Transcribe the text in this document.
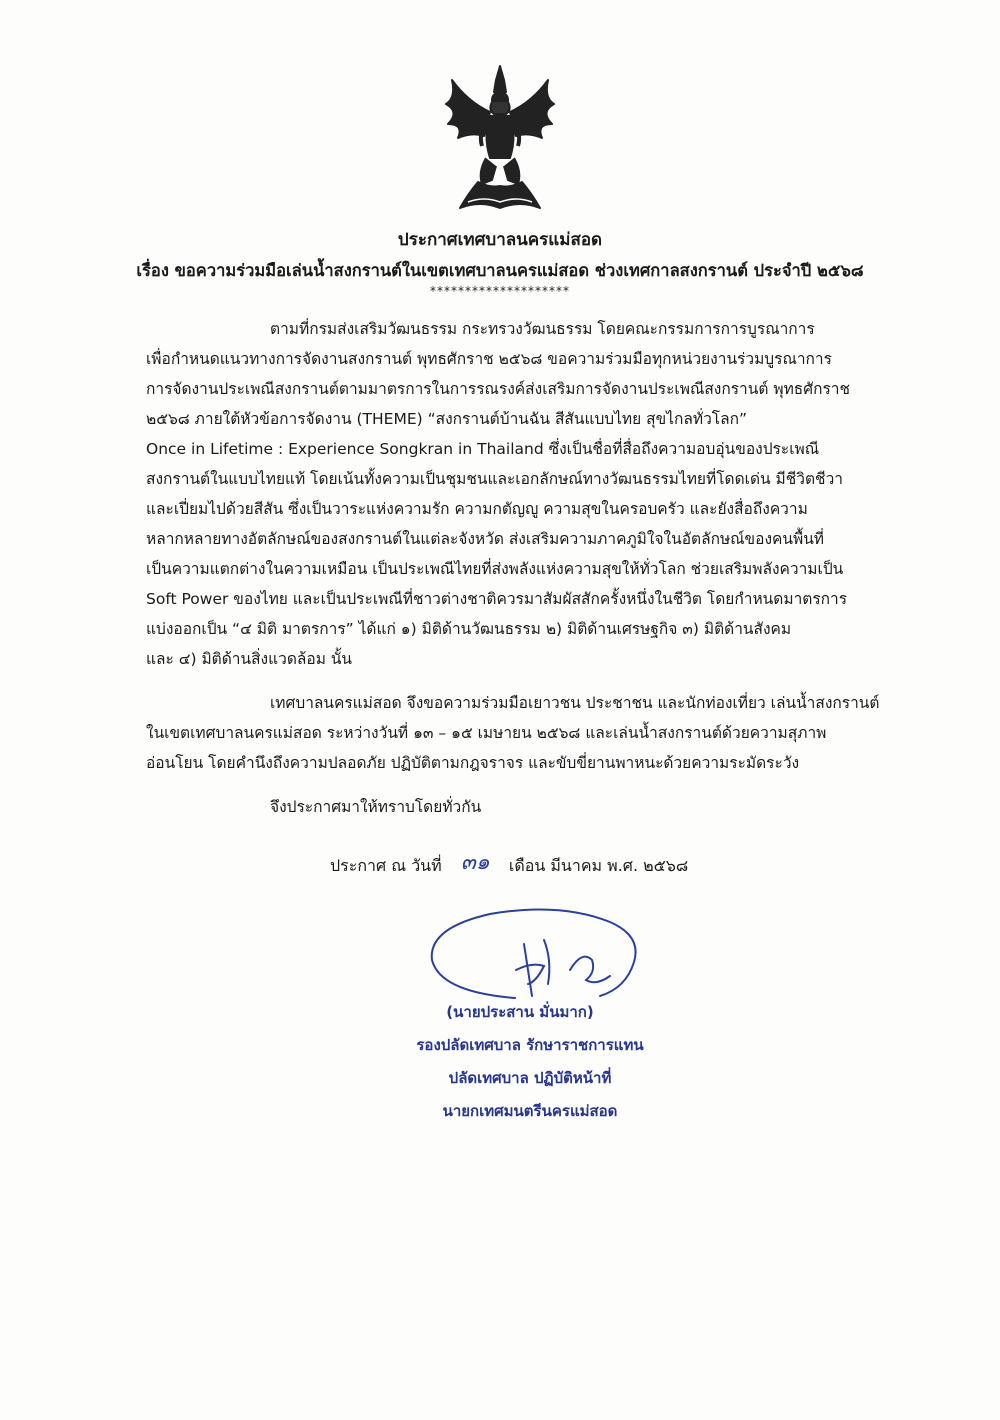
ประกาศเทศบาลนครแม่สอด
เรื่อง ขอความร่วมมือเล่นน้ำสงกรานต์ในเขตเทศบาลนครแม่สอด ช่วงเทศกาลสงกรานต์ ประจำปี ๒๕๖๘
********************

ตามที่กรมส่งเสริมวัฒนธรรม กระทรวงวัฒนธรรม โดยคณะกรรมการการบูรณาการ
เพื่อกำหนดแนวทางการจัดงานสงกรานต์ พุทธศักราช ๒๕๖๘ ขอความร่วมมือทุกหน่วยงานร่วมบูรณาการ
การจัดงานประเพณีสงกรานต์ตามมาตรการในการรณรงค์ส่งเสริมการจัดงานประเพณีสงกรานต์ พุทธศักราช
๒๕๖๘ ภายใต้หัวข้อการจัดงาน (THEME) “สงกรานต์บ้านฉัน สีสันแบบไทย สุขไกลทั่วโลก”
Once in Lifetime : Experience Songkran in Thailand ซึ่งเป็นชื่อที่สื่อถึงความอบอุ่นของประเพณี
สงกรานต์ในแบบไทยแท้ โดยเน้นทั้งความเป็นชุมชนและเอกลักษณ์ทางวัฒนธรรมไทยที่โดดเด่น มีชีวิตชีวา
และเปี่ยมไปด้วยสีสัน ซึ่งเป็นวาระแห่งความรัก ความกตัญญู ความสุขในครอบครัว และยังสื่อถึงความ
หลากหลายทางอัตลักษณ์ของสงกรานต์ในแต่ละจังหวัด ส่งเสริมความภาคภูมิใจในอัตลักษณ์ของคนพื้นที่
เป็นความแตกต่างในความเหมือน เป็นประเพณีไทยที่ส่งพลังแห่งความสุขให้ทั่วโลก ช่วยเสริมพลังความเป็น
Soft Power ของไทย และเป็นประเพณีที่ชาวต่างชาติควรมาสัมผัสสักครั้งหนึ่งในชีวิต โดยกำหนดมาตรการ
แบ่งออกเป็น “๔ มิติ มาตรการ” ได้แก่ ๑) มิติด้านวัฒนธรรม ๒) มิติด้านเศรษฐกิจ ๓) มิติด้านสังคม
และ ๔) มิติด้านสิ่งแวดล้อม นั้น

เทศบาลนครแม่สอด จึงขอความร่วมมือเยาวชน ประชาชน และนักท่องเที่ยว เล่นน้ำสงกรานต์
ในเขตเทศบาลนครแม่สอด ระหว่างวันที่ ๑๓ – ๑๕ เมษายน ๒๕๖๘ และเล่นน้ำสงกรานต์ด้วยความสุภาพ
อ่อนโยน โดยคำนึงถึงความปลอดภัย ปฏิบัติตามกฎจราจร และขับขี่ยานพาหนะด้วยความระมัดระวัง

จึงประกาศมาให้ทราบโดยทั่วกัน

ประกาศ ณ วันที่ ๓๑ เดือน มีนาคม พ.ศ. ๒๕๖๘
(นายประสาน มั่นมาก)
รองปลัดเทศบาล รักษาราชการแทน
ปลัดเทศบาล ปฏิบัติหน้าที่
นายกเทศมนตรีนครแม่สอด
